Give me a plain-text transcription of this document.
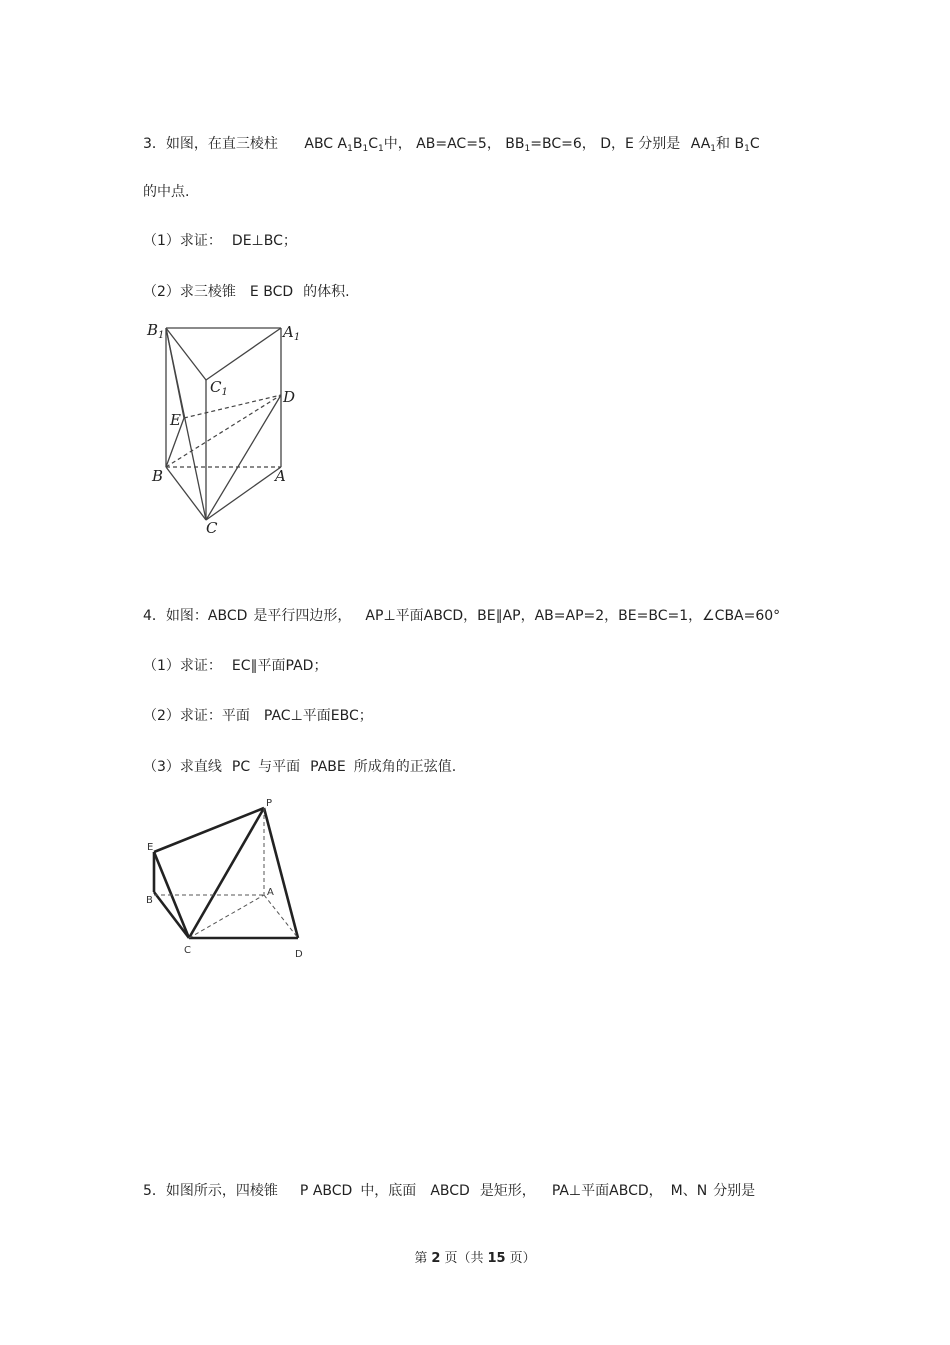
3．如图，在直三棱柱 ABC A1B1C1中， AB=AC=5， BB1=BC=6， D，E 分别是 AA1和 B1C
的中点.
（1）求证： DE⊥BC；
（2）求三棱锥 E BCD 的体积.
$B_1$	$A_1$
$C_1$	D
E
B	A
C
4．如图：ABCD 是平行四边形， AP⊥平面ABCD，BE∥AP，AB=AP=2，BE=BC=1，∠CBA=60°
（1）求证： EC∥平面PAD；
（2）求证：平面 PAC⊥平面EBC；
（3）求直线 PC 与平面 PABE 所成角的正弦值.
P
E
B
A
C	D
5．如图所示，四棱锥 P ABCD 中，底面 ABCD 是矩形， PA⊥平面ABCD， M、N 分别是
第 2 页（共 15 页）
